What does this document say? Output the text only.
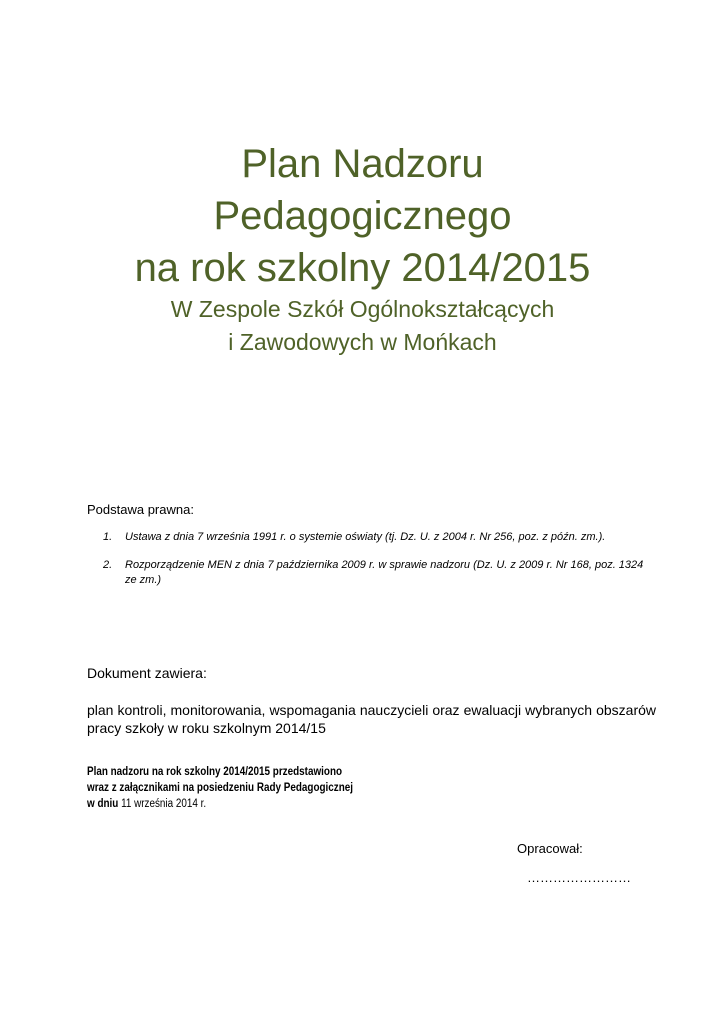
Plan Nadzoru

Pedagogicznego

na rok szkolny 2014/2015

W Zespole Szkół Ogólnokształcących

i Zawodowych w Mońkach

Podstawa prawna:

1. Ustawa z dnia 7 września 1991 r. o systemie oświaty (tj. Dz. U. z 2004 r. Nr 256, poz. z późn. zm.).
2. Rozporządzenie MEN z dnia 7 października 2009 r. w sprawie nadzoru (Dz. U. z 2009 r. Nr 168, poz. 1324 ze zm.)

Dokument zawiera:

plan kontroli, monitorowania, wspomagania nauczycieli oraz ewaluacji wybranych obszarów pracy szkoły w roku szkolnym 2014/15

Plan nadzoru na rok szkolny 2014/2015 przedstawiono
wraz z załącznikami na posiedzeniu Rady Pedagogicznej
w dniu 11 września 2014 r.
Opracował:
……………………
